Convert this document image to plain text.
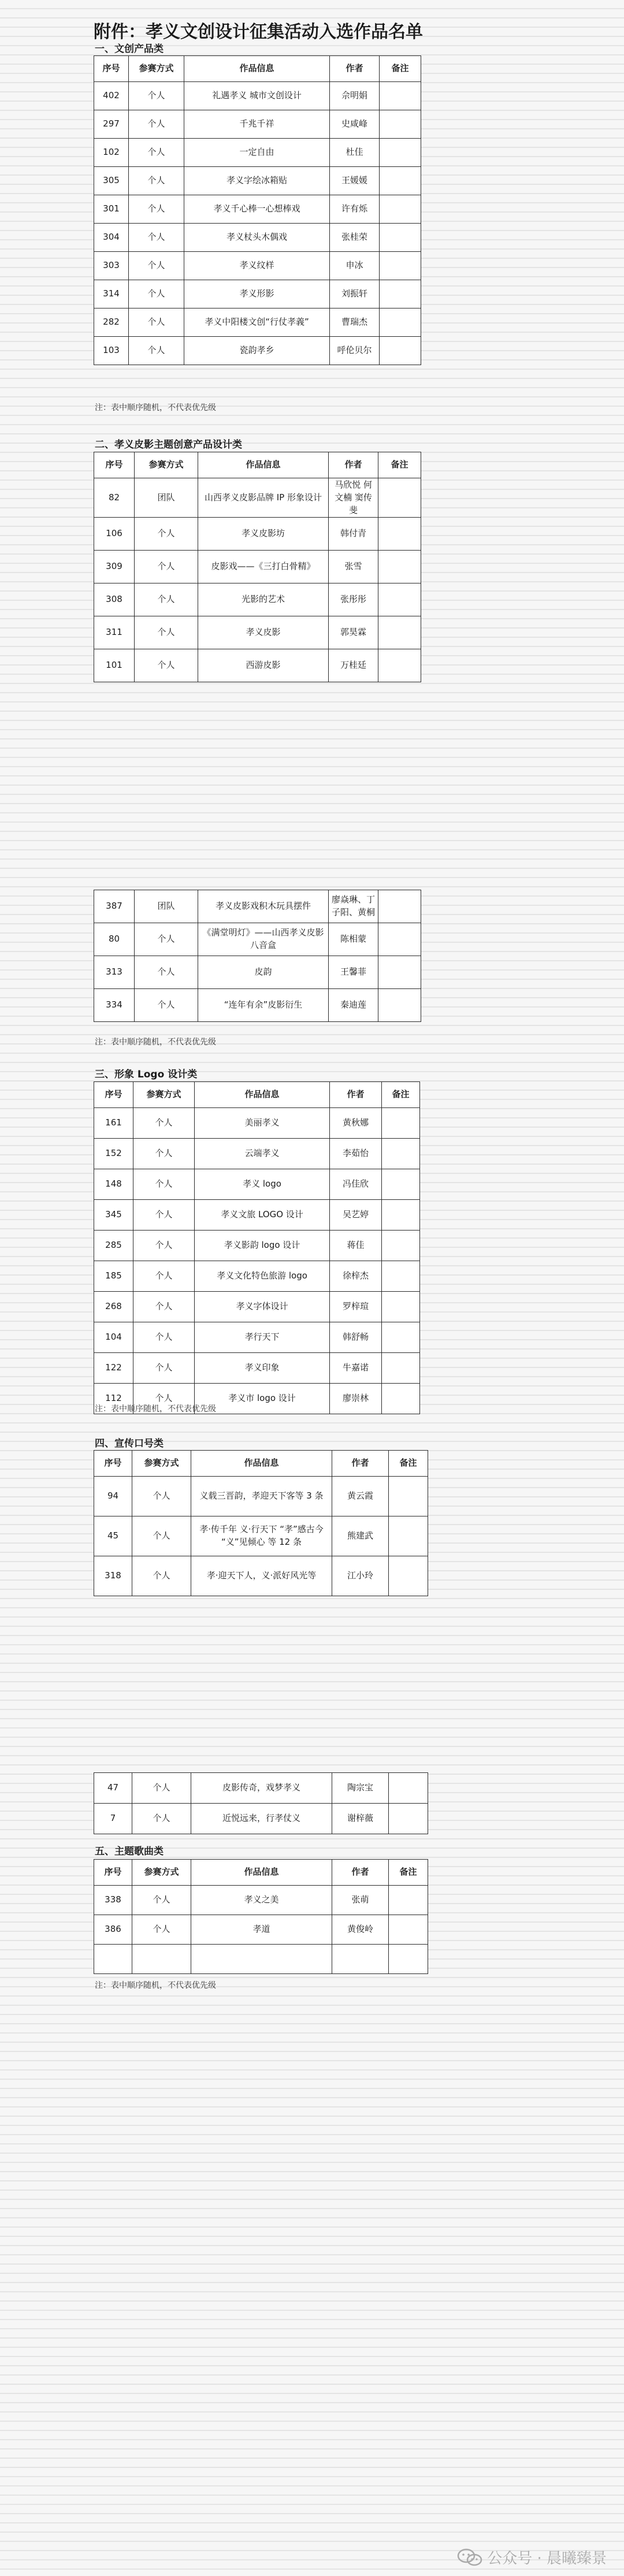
附件：孝义文创设计征集活动入选作品名单
一、文创产品类
序号	参赛方式	作品信息	作者	备注
402	个人	礼遇孝义 城市文创设计	佘明娟	
297	个人	千兆千祥	史咸峰	
102	个人	一定自由	杜佳	
305	个人	孝义字绘冰箱贴	王媛媛	
301	个人	孝义千心棒一心想棒戏	许有烁	
304	个人	孝义杖头木偶戏	张桂荣	
303	个人	孝义纹样	申冰	
314	个人	孝义形影	刘振轩	
282	个人	孝义中阳楼文创“行仗孝義”	曹瑞杰	
103	个人	瓷韵孝乡	呼伦贝尔	
注：表中顺序随机，不代表优先级
二、孝义皮影主题创意产品设计类
序号	参赛方式	作品信息	作者	备注
82	团队	山西孝义皮影品牌 IP 形象设计	马欣悦 何文楠 窦传斐	
106	个人	孝义皮影坊	韩付青	
309	个人	皮影戏——《三打白骨精》	张雪	
308	个人	光影的艺术	张彤彤	
311	个人	孝义皮影	郭昊霖	
101	个人	西游皮影	万桂廷	
387	团队	孝义皮影戏积木玩具摆件	廖焱琳、丁子阳、黄桐	
80	个人	《满堂明灯》——山西孝义皮影八音盒	陈相蒙	
313	个人	皮韵	王馨菲	
334	个人	“连年有余”皮影衍生	秦迪莲	
注：表中顺序随机，不代表优先级
三、形象 Logo 设计类
序号	参赛方式	作品信息	作者	备注
161	个人	美丽孝义	黄秋娜	
152	个人	云端孝义	李茹怡	
148	个人	孝义 logo	冯佳欣	
345	个人	孝义文旅 LOGO 设计	吴艺婷	
285	个人	孝义影韵 logo 设计	蒋佳	
185	个人	孝义文化特色旅游 logo	徐梓杰	
268	个人	孝义字体设计	罗梓瑄	
104	个人	孝行天下	韩舒畅	
122	个人	孝义印象	牛嘉诺	
112	个人	孝义市 logo 设计	廖崇林	
注：表中顺序随机，不代表优先级
四、宣传口号类
序号	参赛方式	作品信息	作者	备注
94	个人	义载三晋韵，孝迎天下客等 3 条	黄云霞	
45	个人	孝·传千年 义·行天下 “孝”感古今 “义”见倾心 等 12 条	熊建武	
318	个人	孝·迎天下人，义·派好风光等	江小玲	
47	个人	皮影传奇，戏梦孝义	陶宗宝	
7	个人	近悦远来，行孝仗义	谢梓薇	
五、主题歌曲类
序号	参赛方式	作品信息	作者	备注
338	个人	孝义之美	张萌	
386	个人	孝道	黄俊岭	

注：表中顺序随机，不代表优先级
公众号 · 晨曦臻景
